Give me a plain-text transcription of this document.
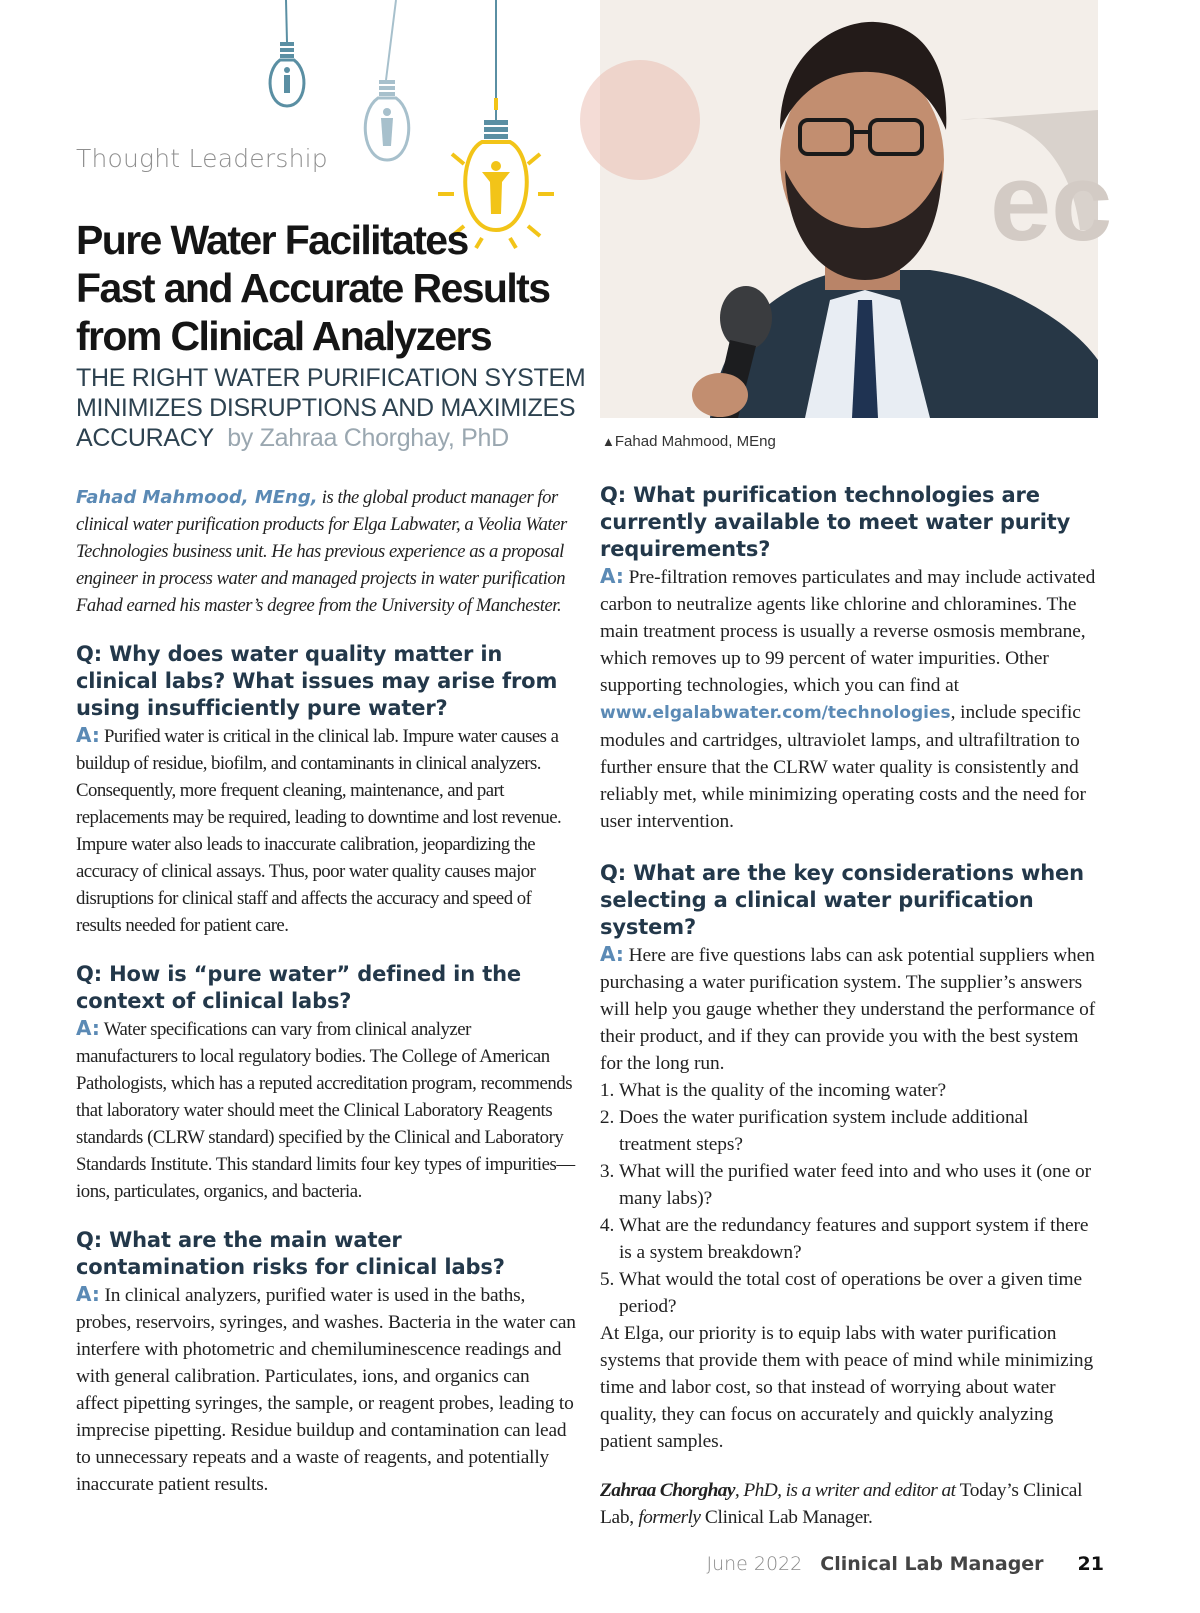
Thought Leadership
Pure Water Facilitates
Fast and Accurate Results
from Clinical Analyzers
THE RIGHT WATER PURIFICATION SYSTEM
MINIMIZES DISRUPTIONS AND MAXIMIZES
ACCURACY by Zahraa Chorghay, PhD
ec
▲Fahad Mahmood, MEng

Fahad Mahmood, MEng, is the global product manager for clinical water purification products for Elga Labwater, a Veolia Water Technologies business unit. He has previous experience as a proposal engineer in process water and managed projects in water purification Fahad earned his master’s degree from the University of Manchester.

Q: Why does water quality matter in clinical labs? What issues may arise from using insufficiently pure water?

A: Purified water is critical in the clinical lab. Impure water causes a buildup of residue, biofilm, and contaminants in clinical analyzers. Consequently, more frequent cleaning, maintenance, and part replacements may be required, leading to downtime and lost revenue. Impure water also leads to inaccurate calibration, jeopardizing the accuracy of clinical assays. Thus, poor water quality causes major disruptions for clinical staff and affects the accuracy and speed of results needed for patient care.

Q: How is “pure water” defined in the context of clinical labs?

A: Water specifications can vary from clinical analyzer manufacturers to local regulatory bodies. The College of American Pathologists, which has a reputed accreditation program, recommends that laboratory water should meet the Clinical Laboratory Reagents standards (CLRW standard) specified by the Clinical and Laboratory Standards Institute. This standard limits four key types of impurities—ions, particulates, organics, and bacteria.

Q: What are the main water contamination risks for clinical labs?

A: In clinical analyzers, purified water is used in the baths, probes, reservoirs, syringes, and washes. Bacteria in the water can interfere with photometric and chemiluminescence readings and with general calibration. Particulates, ions, and organics can affect pipetting syringes, the sample, or reagent probes, leading to imprecise pipetting. Residue buildup and contamination can lead to unnecessary repeats and a waste of reagents, and potentially inaccurate patient results.

Q: What purification technologies are currently available to meet water purity requirements?

A: Pre-filtration removes particulates and may include activated carbon to neutralize agents like chlorine and chloramines. The main treatment process is usually a reverse osmosis membrane, which removes up to 99 percent of water impurities. Other supporting technologies, which you can find at www.elgalabwater.com/technologies, include specific modules and cartridges, ultraviolet lamps, and ultrafiltration to further ensure that the CLRW water quality is consistently and reliably met, while minimizing operating costs and the need for user intervention.

Q: What are the key considerations when selecting a clinical water purification system?

A: Here are five questions labs can ask potential suppliers when purchasing a water purification system. The supplier’s answers will help you gauge whether they understand the performance of their product, and if they can provide you with the best system for the long run.

1. What is the quality of the incoming water?
2. Does the water purification system include additional treatment steps?
3. What will the purified water feed into and who uses it (one or many labs)?
4. What are the redundancy features and support system if there is a system breakdown?
5. What would the total cost of operations be over a given time period?

At Elga, our priority is to equip labs with water purification systems that provide them with peace of mind while minimizing time and labor cost, so that instead of worrying about water quality, they can focus on accurately and quickly analyzing patient samples.

Zahraa Chorghay, PhD, is a writer and editor at Today’s Clinical Lab, formerly Clinical Lab Manager.

June 2022 Clinical Lab Manager 21
